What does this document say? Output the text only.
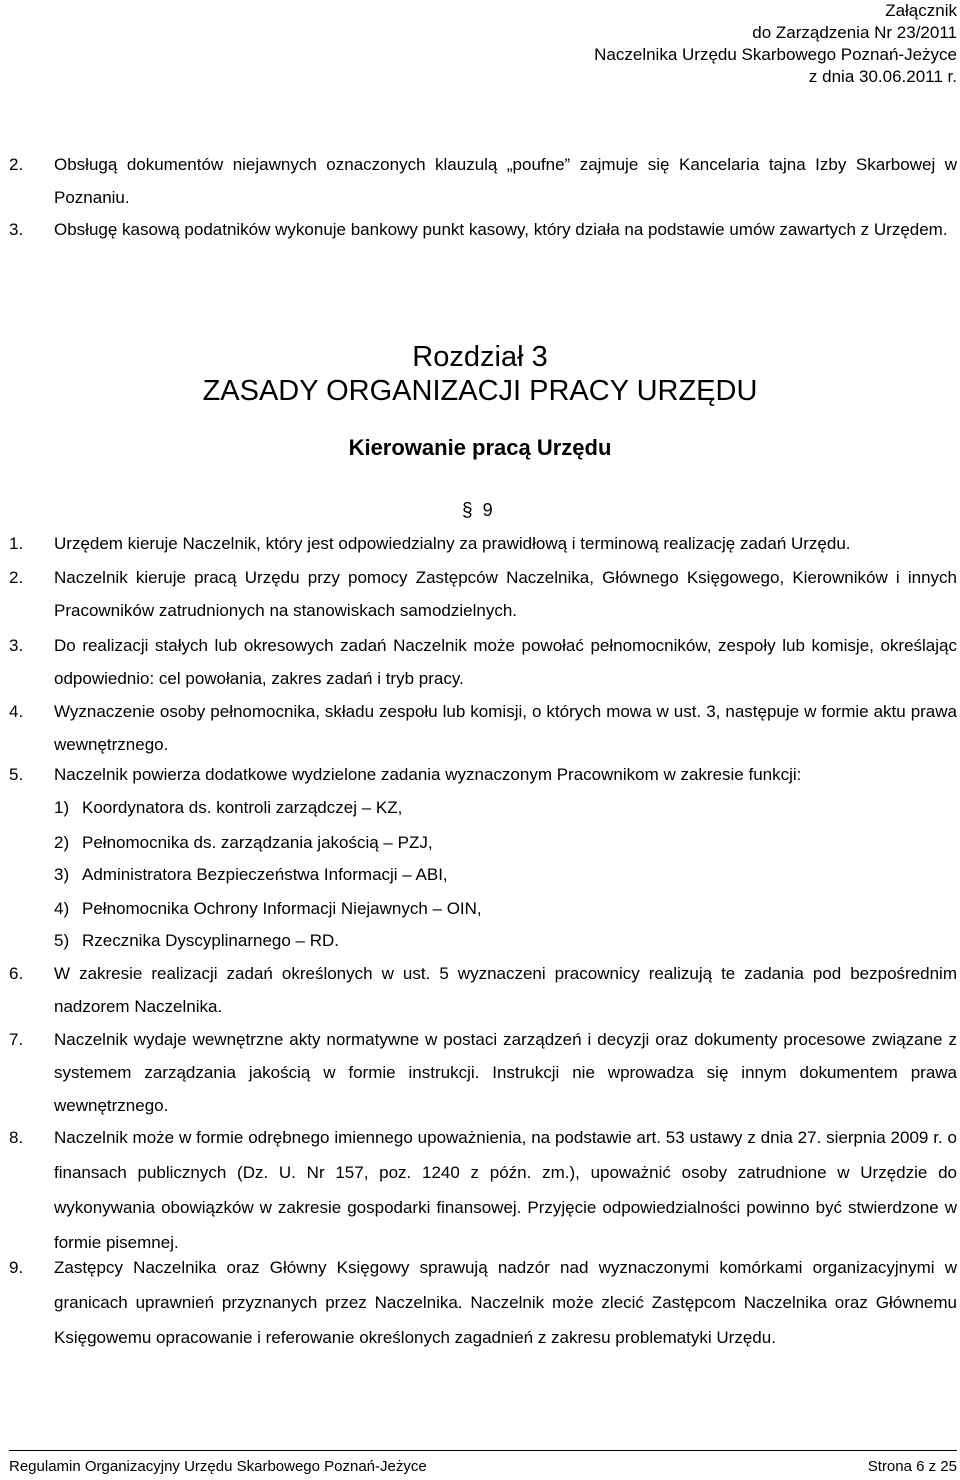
Załącznik
do Zarządzenia Nr 23/2011
Naczelnika Urzędu Skarbowego Poznań-Jeżyce
z dnia 30.06.2011 r.
2. Obsługą dokumentów niejawnych oznaczonych klauzulą „poufne” zajmuje się Kancelaria tajna Izby Skarbowej w Poznaniu.
3. Obsługę kasową podatników wykonuje bankowy punkt kasowy, który działa na podstawie umów zawartych z Urzędem.
Rozdział 3
ZASADY ORGANIZACJI PRACY URZĘDU
Kierowanie pracą Urzędu
§ 9
1. Urzędem kieruje Naczelnik, który jest odpowiedzialny za prawidłową i terminową realizację zadań Urzędu.
2. Naczelnik kieruje pracą Urzędu przy pomocy Zastępców Naczelnika, Głównego Księgowego, Kierowników i innych Pracowników zatrudnionych na stanowiskach samodzielnych.
3. Do realizacji stałych lub okresowych zadań Naczelnik może powołać pełnomocników, zespoły lub komisje, określając odpowiednio: cel powołania, zakres zadań i tryb pracy.
4. Wyznaczenie osoby pełnomocnika, składu zespołu lub komisji, o których mowa w ust. 3, następuje w formie aktu prawa wewnętrznego.
5. Naczelnik powierza dodatkowe wydzielone zadania wyznaczonym Pracownikom w zakresie funkcji:
1) Koordynatora ds. kontroli zarządczej – KZ,
2) Pełnomocnika ds. zarządzania jakością – PZJ,
3) Administratora Bezpieczeństwa Informacji – ABI,
4) Pełnomocnika Ochrony Informacji Niejawnych – OIN,
5) Rzecznika Dyscyplinarnego – RD.
6. W zakresie realizacji zadań określonych w ust. 5 wyznaczeni pracownicy realizują te zadania pod bezpośrednim nadzorem Naczelnika.
7. Naczelnik wydaje wewnętrzne akty normatywne w postaci zarządzeń i decyzji oraz dokumenty procesowe związane z systemem zarządzania jakością w formie instrukcji. Instrukcji nie wprowadza się innym dokumentem prawa wewnętrznego.
8. Naczelnik może w formie odrębnego imiennego upoważnienia, na podstawie art. 53 ustawy z dnia 27. sierpnia 2009 r. o finansach publicznych (Dz. U. Nr 157, poz. 1240 z późn. zm.), upoważnić osoby zatrudnione w Urzędzie do wykonywania obowiązków w zakresie gospodarki finansowej. Przyjęcie odpowiedzialności powinno być stwierdzone w formie pisemnej.
9. Zastępcy Naczelnika oraz Główny Księgowy sprawują nadzór nad wyznaczonymi komórkami organizacyjnymi w granicach uprawnień przyznanych przez Naczelnika. Naczelnik może zlecić Zastępcom Naczelnika oraz Głównemu Księgowemu opracowanie i referowanie określonych zagadnień z zakresu problematyki Urzędu.
Regulamin Organizacyjny Urzędu Skarbowego Poznań-Jeżyce	Strona 6 z 25
